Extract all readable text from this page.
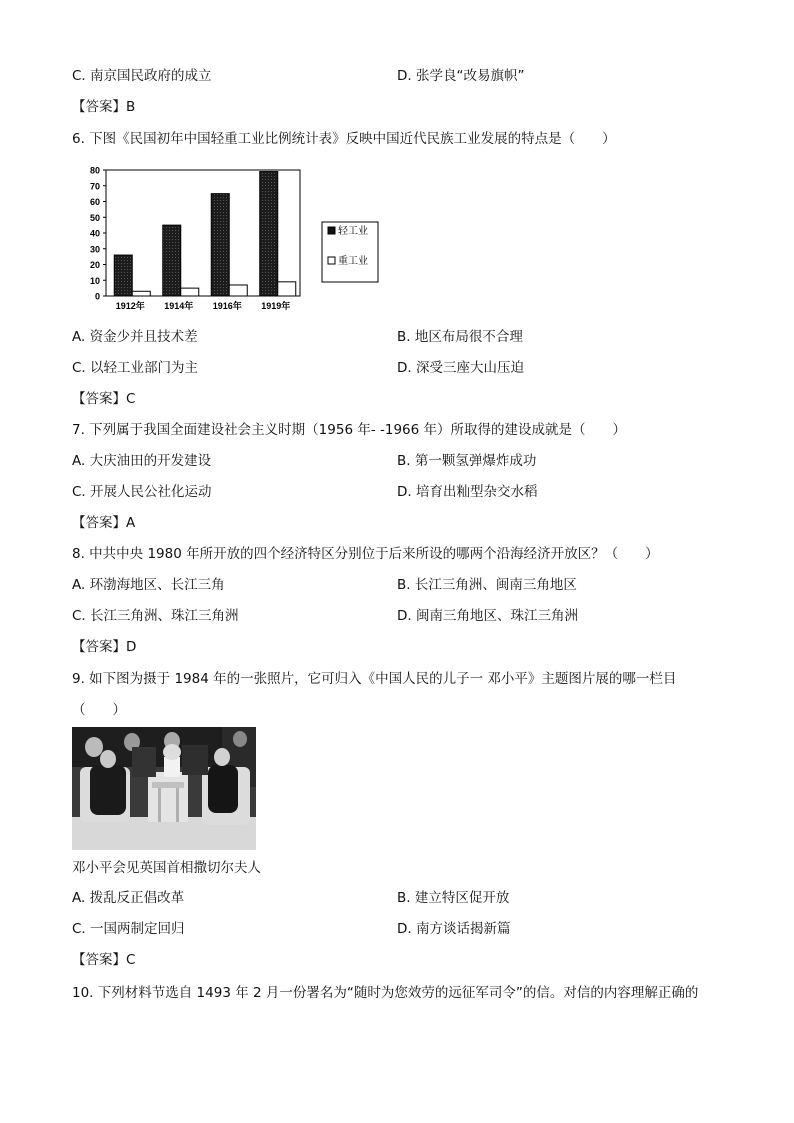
C. 南京国民政府的成立	D. 张学良“改易旗帜”
【答案】B
6. 下图《民国初年中国轻重工业比例统计表》反映中国近代民族工业发展的特点是（　　）
0
10
20
30
40
50
60
70
80
1912年 1914年 1916年 1919年
轻工业
重工业
A. 资金少并且技术差	B. 地区布局很不合理
C. 以轻工业部门为主	D. 深受三座大山压迫
【答案】C
7. 下列属于我国全面建设社会主义时期（1956 年- -1966 年）所取得的建设成就是（　　）
A. 大庆油田的开发建设	B. 第一颗氢弹爆炸成功
C. 开展人民公社化运动	D. 培育出籼型杂交水稻
【答案】A
8. 中共中央 1980 年所开放的四个经济特区分别位于后来所设的哪两个沿海经济开放区？（　　）
A. 环渤海地区、长江三角	B. 长江三角洲、闽南三角地区
C. 长江三角洲、珠江三角洲	D. 闽南三角地区、珠江三角洲
【答案】D
9. 如下图为摄于 1984 年的一张照片，它可归入《中国人民的儿子一 邓小平》主题图片展的哪一栏目
（　　）
邓小平会见英国首相撒切尔夫人
A. 拨乱反正倡改革	B. 建立特区促开放
C. 一国两制定回归	D. 南方谈话揭新篇
【答案】C
10. 下列材料节选自 1493 年 2 月一份署名为“随时为您效劳的远征军司令”的信。对信的内容理解正确的
